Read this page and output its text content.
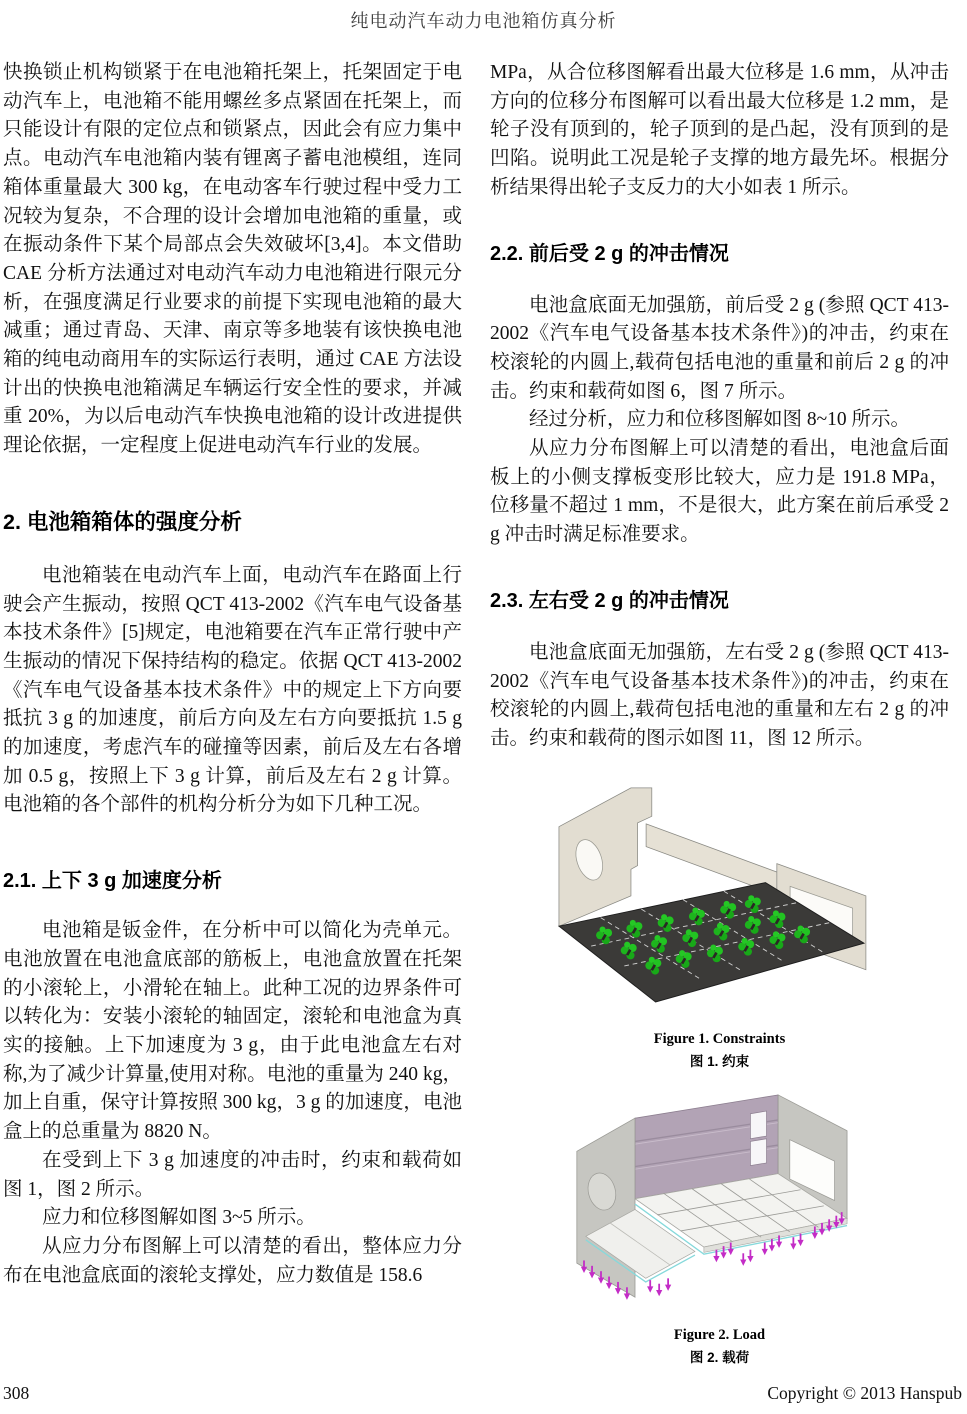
纯电动汽车动力电池箱仿真分析

快换锁止机构锁紧于在电池箱托架上，托架固定于电动汽车上，电池箱不能用螺丝多点紧固在托架上，而只能设计有限的定位点和锁紧点，因此会有应力集中点。电动汽车电池箱内装有锂离子蓄电池模组，连同箱体重量最大 300 kg，在电动客车行驶过程中受力工况较为复杂，不合理的设计会增加电池箱的重量，或在振动条件下某个局部点会失效破坏[3,4]。本文借助 CAE 分析方法通过对电动汽车动力电池箱进行限元分析，在强度满足行业要求的前提下实现电池箱的最大减重；通过青岛、天津、南京等多地装有该快换电池箱的纯电动商用车的实际运行表明，通过 CAE 方法设计出的快换电池箱满足车辆运行安全性的要求，并减重 20%，为以后电动汽车快换电池箱的设计改进提供理论依据，一定程度上促进电动汽车行业的发展。

2. 电池箱箱体的强度分析

电池箱装在电动汽车上面，电动汽车在路面上行驶会产生振动，按照 QCT 413-2002《汽车电气设备基本技术条件》[5]规定，电池箱要在汽车正常行驶中产生振动的情况下保持结构的稳定。依据 QCT 413-2002《汽车电气设备基本技术条件》中的规定上下方向要抵抗 3 g 的加速度，前后方向及左右方向要抵抗 1.5 g 的加速度，考虑汽车的碰撞等因素，前后及左右各增加 0.5 g，按照上下 3 g 计算，前后及左右 2 g 计算。电池箱的各个部件的机构分析分为如下几种工况。

2.1. 上下 3 g 加速度分析

电池箱是钣金件，在分析中可以简化为壳单元。电池放置在电池盒底部的筋板上，电池盒放置在托架的小滚轮上，小滑轮在轴上。此种工况的边界条件可以转化为：安装小滚轮的轴固定，滚轮和电池盒为真实的接触。上下加速度为 3 g，由于此电池盒左右对称,为了减少计算量,使用对称。电池的重量为 240 kg，加上自重，保守计算按照 300 kg，3 g 的加速度，电池盒上的总重量为 8820 N。

在受到上下 3 g 加速度的冲击时，约束和载荷如图 1，图 2 所示。

应力和位移图解如图 3~5 所示。

从应力分布图解上可以清楚的看出，整体应力分布在电池盒底面的滚轮支撑处，应力数值是 158.6

MPa，从合位移图解看出最大位移是 1.6 mm，从冲击方向的位移分布图解可以看出最大位移是 1.2 mm，是轮子没有顶到的，轮子顶到的是凸起，没有顶到的是凹陷。说明此工况是轮子支撑的地方最先坏。根据分析结果得出轮子支反力的大小如表 1 所示。

2.2. 前后受 2 g 的冲击情况

电池盒底面无加强筋，前后受 2 g (参照 QCT 413-2002《汽车电气设备基本技术条件》)的冲击，约束在校滚轮的内圆上,载荷包括电池的重量和前后 2 g 的冲击。约束和载荷如图 6，图 7 所示。

经过分析，应力和位移图解如图 8~10 所示。

从应力分布图解上可以清楚的看出，电池盒后面板上的小侧支撑板变形比较大，应力是 191.8 MPa，位移量不超过 1 mm，不是很大，此方案在前后承受 2 g 冲击时满足标准要求。

2.3. 左右受 2 g 的冲击情况

电池盒底面无加强筋，左右受 2 g (参照 QCT 413-2002《汽车电气设备基本技术条件》)的冲击，约束在校滚轮的内圆上,载荷包括电池的重量和左右 2 g 的冲击。约束和载荷的图示如图 11，图 12 所示。

Figure 1. Constraints
图 1. 约束
Figure 2. Load
图 2. 载荷
308	Copyright © 2013 Hanspub
